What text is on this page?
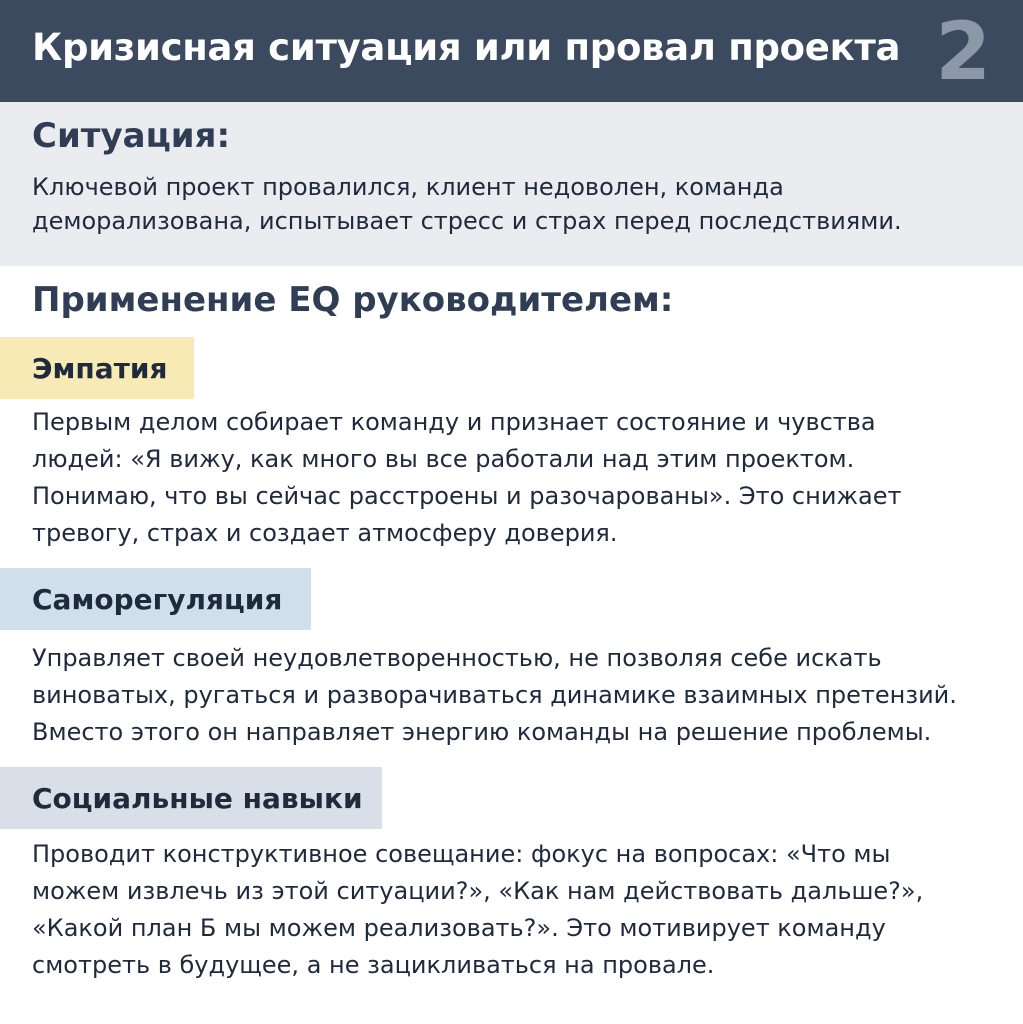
Кризисная ситуация или провал проекта 2
Ситуация:
Ключевой проект провалился, клиент недоволен, команда
деморализована, испытывает стресс и страх перед последствиями.
Применение EQ руководителем:
Эмпатия
Первым делом собирает команду и признает состояние и чувства
людей: «Я вижу, как много вы все работали над этим проектом.
Понимаю, что вы сейчас расстроены и разочарованы». Это снижает
тревогу, страх и создает атмосферу доверия.
Саморегуляция
Управляет своей неудовлетворенностью, не позволяя себе искать
виноватых, ругаться и разворачиваться динамике взаимных претензий.
Вместо этого он направляет энергию команды на решение проблемы.
Социальные навыки
Проводит конструктивное совещание: фокус на вопросах: «Что мы
можем извлечь из этой ситуации?», «Как нам действовать дальше?»,
«Какой план Б мы можем реализовать?». Это мотивирует команду
смотреть в будущее, а не зацикливаться на провале.
